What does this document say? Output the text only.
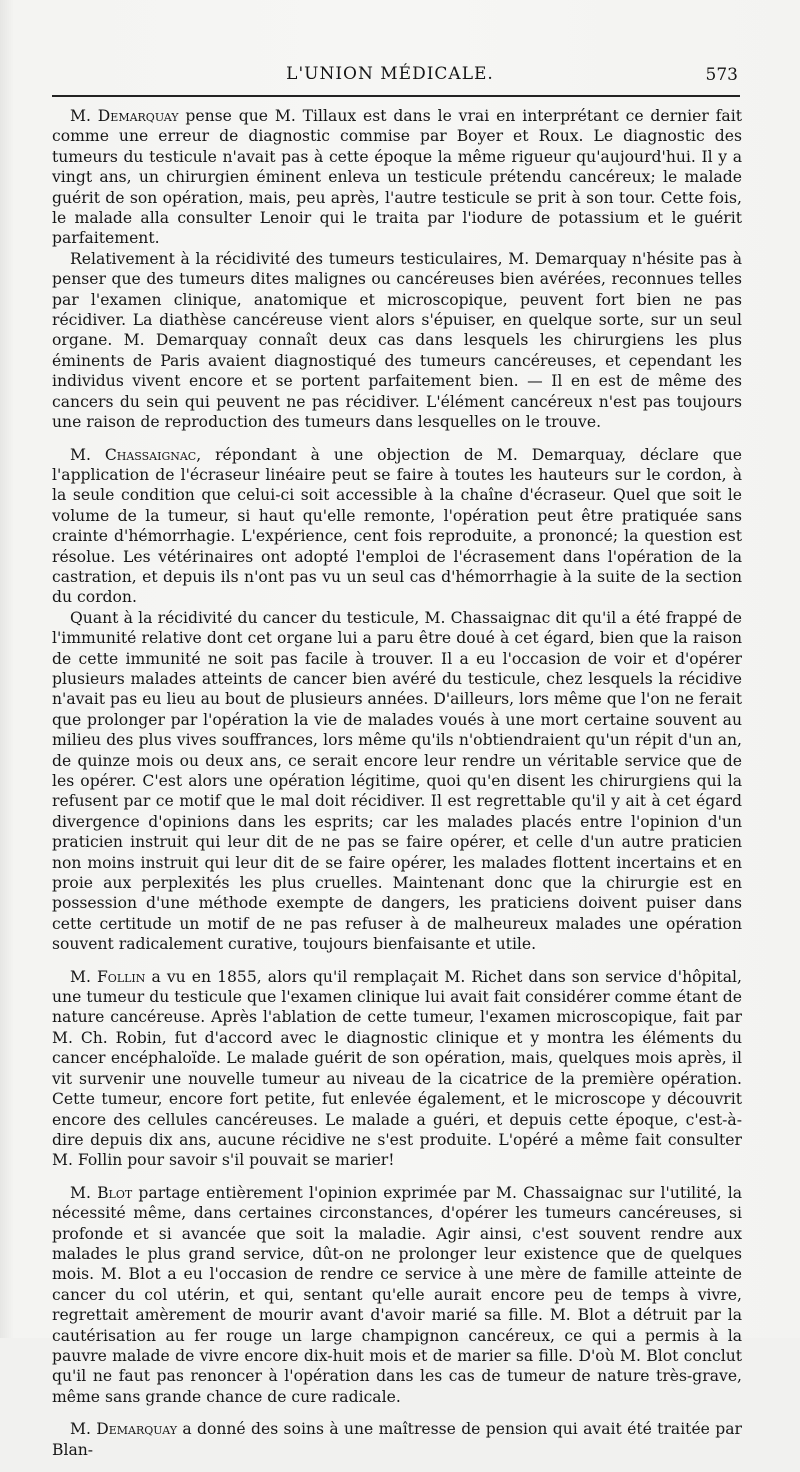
L'UNION MÉDICALE.	573

M. Demarquay pense que M. Tillaux est dans le vrai en interprétant ce dernier fait comme une erreur de diagnostic commise par Boyer et Roux. Le diagnostic des tumeurs du testicule n'avait pas à cette époque la même rigueur qu'aujourd'hui. Il y a vingt ans, un chirurgien éminent enleva un testicule prétendu cancéreux; le malade guérit de son opération, mais, peu après, l'autre testicule se prit à son tour. Cette fois, le malade alla consulter Lenoir qui le traita par l'iodure de potassium et le guérit parfaitement.

Relativement à la récidivité des tumeurs testiculaires, M. Demarquay n'hésite pas à penser que des tumeurs dites malignes ou cancéreuses bien avérées, reconnues telles par l'examen clinique, anatomique et microscopique, peuvent fort bien ne pas récidiver. La diathèse cancéreuse vient alors s'épuiser, en quelque sorte, sur un seul organe. M. Demarquay connaît deux cas dans lesquels les chirurgiens les plus éminents de Paris avaient diagnostiqué des tumeurs cancéreuses, et cependant les individus vivent encore et se portent parfaitement bien. — Il en est de même des cancers du sein qui peuvent ne pas récidiver. L'élément cancéreux n'est pas toujours une raison de reproduction des tumeurs dans lesquelles on le trouve.

M. Chassaignac, répondant à une objection de M. Demarquay, déclare que l'application de l'écraseur linéaire peut se faire à toutes les hauteurs sur le cordon, à la seule condition que celui-ci soit accessible à la chaîne d'écraseur. Quel que soit le volume de la tumeur, si haut qu'elle remonte, l'opération peut être pratiquée sans crainte d'hémorrhagie. L'expérience, cent fois reproduite, a prononcé; la question est résolue. Les vétérinaires ont adopté l'emploi de l'écrasement dans l'opération de la castration, et depuis ils n'ont pas vu un seul cas d'hémorrhagie à la suite de la section du cordon.

Quant à la récidivité du cancer du testicule, M. Chassaignac dit qu'il a été frappé de l'immunité relative dont cet organe lui a paru être doué à cet égard, bien que la raison de cette immunité ne soit pas facile à trouver. Il a eu l'occasion de voir et d'opérer plusieurs malades atteints de cancer bien avéré du testicule, chez lesquels la récidive n'avait pas eu lieu au bout de plusieurs années. D'ailleurs, lors même que l'on ne ferait que prolonger par l'opération la vie de malades voués à une mort certaine souvent au milieu des plus vives souffrances, lors même qu'ils n'obtiendraient qu'un répit d'un an, de quinze mois ou deux ans, ce serait encore leur rendre un véritable service que de les opérer. C'est alors une opération légitime, quoi qu'en disent les chirurgiens qui la refusent par ce motif que le mal doit récidiver. Il est regrettable qu'il y ait à cet égard divergence d'opinions dans les esprits; car les malades placés entre l'opinion d'un praticien instruit qui leur dit de ne pas se faire opérer, et celle d'un autre praticien non moins instruit qui leur dit de se faire opérer, les malades flottent incertains et en proie aux perplexités les plus cruelles. Maintenant donc que la chirurgie est en possession d'une méthode exempte de dangers, les praticiens doivent puiser dans cette certitude un motif de ne pas refuser à de malheureux malades une opération souvent radicalement curative, toujours bienfaisante et utile.

M. Follin a vu en 1855, alors qu'il remplaçait M. Richet dans son service d'hôpital, une tumeur du testicule que l'examen clinique lui avait fait considérer comme étant de nature cancéreuse. Après l'ablation de cette tumeur, l'examen microscopique, fait par M. Ch. Robin, fut d'accord avec le diagnostic clinique et y montra les éléments du cancer encéphaloïde. Le malade guérit de son opération, mais, quelques mois après, il vit survenir une nouvelle tumeur au niveau de la cicatrice de la première opération. Cette tumeur, encore fort petite, fut enlevée également, et le microscope y découvrit encore des cellules cancéreuses. Le malade a guéri, et depuis cette époque, c'est-à-dire depuis dix ans, aucune récidive ne s'est produite. L'opéré a même fait consulter M. Follin pour savoir s'il pouvait se marier!

M. Blot partage entièrement l'opinion exprimée par M. Chassaignac sur l'utilité, la nécessité même, dans certaines circonstances, d'opérer les tumeurs cancéreuses, si profonde et si avancée que soit la maladie. Agir ainsi, c'est souvent rendre aux malades le plus grand service, dût-on ne prolonger leur existence que de quelques mois. M. Blot a eu l'occasion de rendre ce service à une mère de famille atteinte de cancer du col utérin, et qui, sentant qu'elle aurait encore peu de temps à vivre, regrettait amèrement de mourir avant d'avoir marié sa fille. M. Blot a détruit par la cautérisation au fer rouge un large champignon cancéreux, ce qui a permis à la pauvre malade de vivre encore dix-huit mois et de marier sa fille. D'où M. Blot conclut qu'il ne faut pas renoncer à l'opération dans les cas de tumeur de nature très-grave, même sans grande chance de cure radicale.

M. Demarquay a donné des soins à une maîtresse de pension qui avait été traitée par Blan-
